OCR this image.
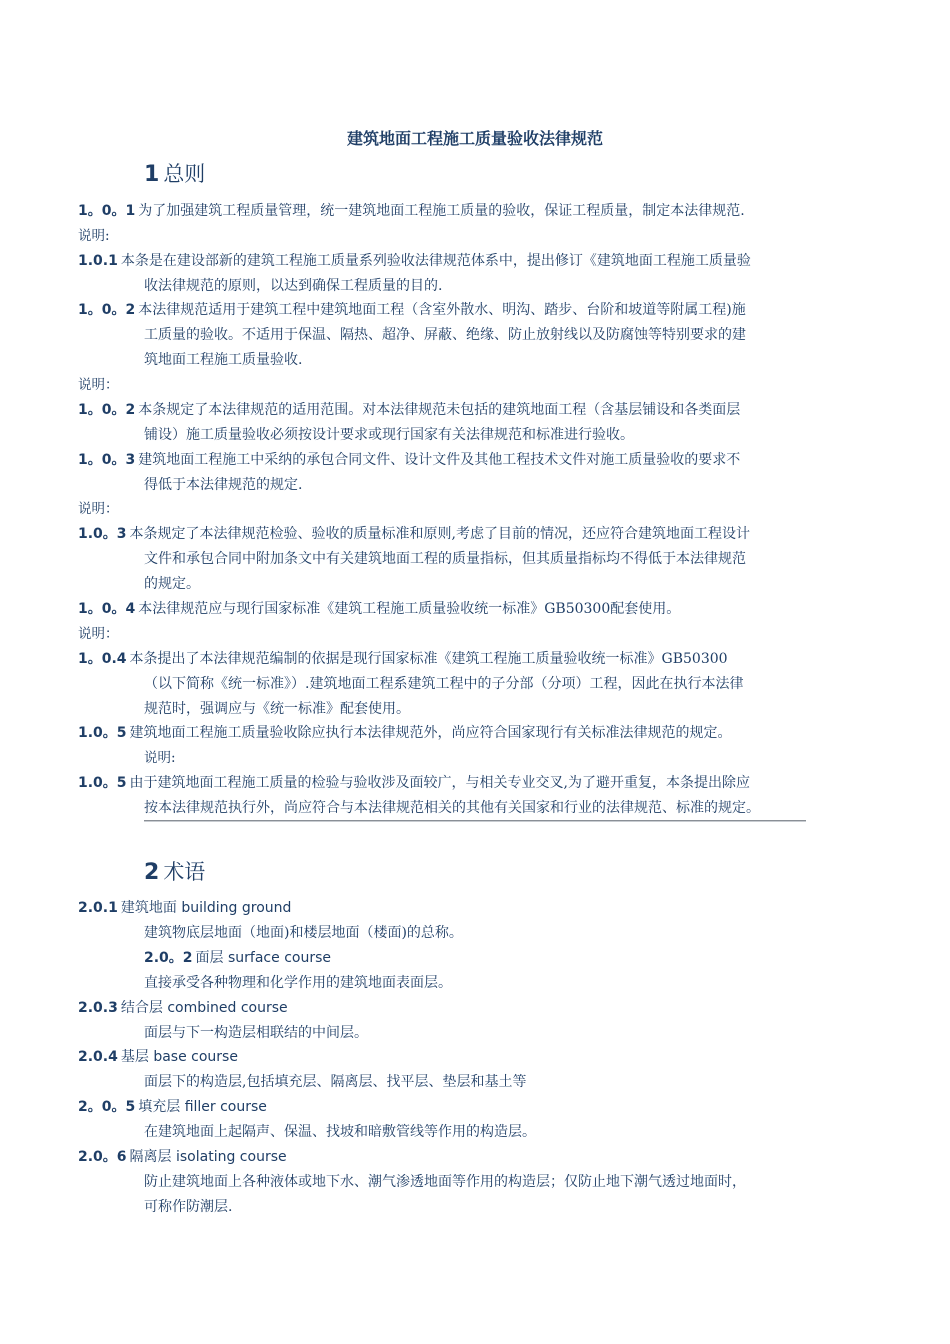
建筑地面工程施工质量验收法律规范
1 总则
1。0。1 为了加强建筑工程质量管理，统一建筑地面工程施工质量的验收，保证工程质量，制定本法律规范.
说明:
1.0.1 本条是在建设部新的建筑工程施工质量系列验收法律规范体系中，提出修订《建筑地面工程施工质量验
收法律规范的原则，以达到确保工程质量的目的.
1。0。2 本法律规范适用于建筑工程中建筑地面工程（含室外散水、明沟、踏步、台阶和坡道等附属工程)施
工质量的验收。不适用于保温、隔热、超净、屏蔽、绝缘、防止放射线以及防腐蚀等特别要求的建
筑地面工程施工质量验收.
说明：
1。0。2 本条规定了本法律规范的适用范围。对本法律规范未包括的建筑地面工程（含基层铺设和各类面层
铺设）施工质量验收必须按设计要求或现行国家有关法律规范和标准进行验收。
1。0。3 建筑地面工程施工中采纳的承包合同文件、设计文件及其他工程技术文件对施工质量验收的要求不
得低于本法律规范的规定.
说明：
1.0。3 本条规定了本法律规范检验、验收的质量标准和原则,考虑了目前的情况，还应符合建筑地面工程设计
文件和承包合同中附加条文中有关建筑地面工程的质量指标，但其质量指标均不得低于本法律规范
的规定。
1。0。4 本法律规范应与现行国家标准《建筑工程施工质量验收统一标准》GB50300配套使用。
说明：
1。0.4 本条提出了本法律规范编制的依据是现行国家标准《建筑工程施工质量验收统一标准》GB50300
（以下简称《统一标准》）.建筑地面工程系建筑工程中的子分部（分项）工程，因此在执行本法律
规范时，强调应与《统一标准》配套使用。
1.0。5 建筑地面工程施工质量验收除应执行本法律规范外，尚应符合国家现行有关标准法律规范的规定。
说明:
1.0。5 由于建筑地面工程施工质量的检验与验收涉及面较广，与相关专业交叉,为了避开重复，本条提出除应
按本法律规范执行外，尚应符合与本法律规范相关的其他有关国家和行业的法律规范、标准的规定。
2 术语
2.0.1 建筑地面 building ground
建筑物底层地面（地面)和楼层地面（楼面)的总称。
2.0。2 面层 surface course
直接承受各种物理和化学作用的建筑地面表面层。
2.0.3 结合层 combined course
面层与下一构造层相联结的中间层。
2.0.4 基层 base course
面层下的构造层,包括填充层、隔离层、找平层、垫层和基土等
2。0。5 填充层 filler course
在建筑地面上起隔声、保温、找坡和暗敷管线等作用的构造层。
2.0。6 隔离层 isolating course
防止建筑地面上各种液体或地下水、潮气渗透地面等作用的构造层；仅防止地下潮气透过地面时，
可称作防潮层.
